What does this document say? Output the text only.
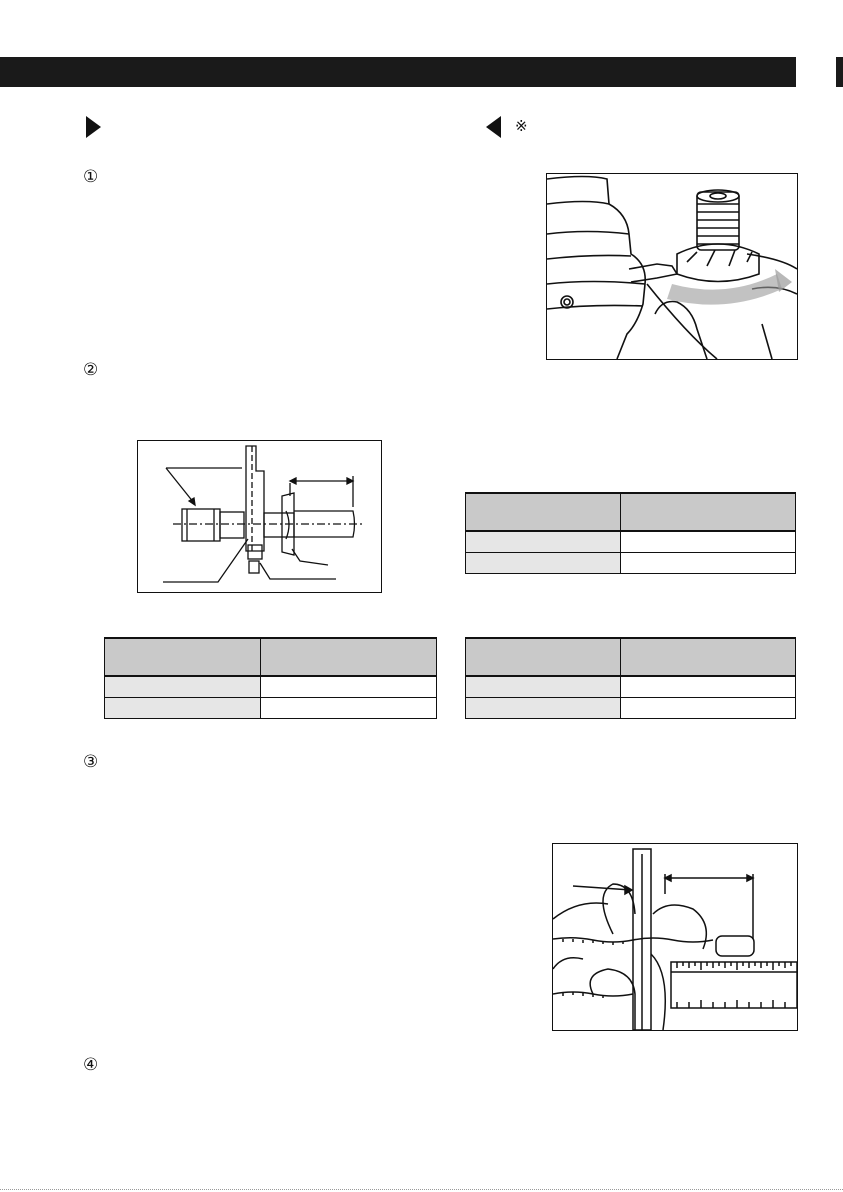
※
①
②
③
④
